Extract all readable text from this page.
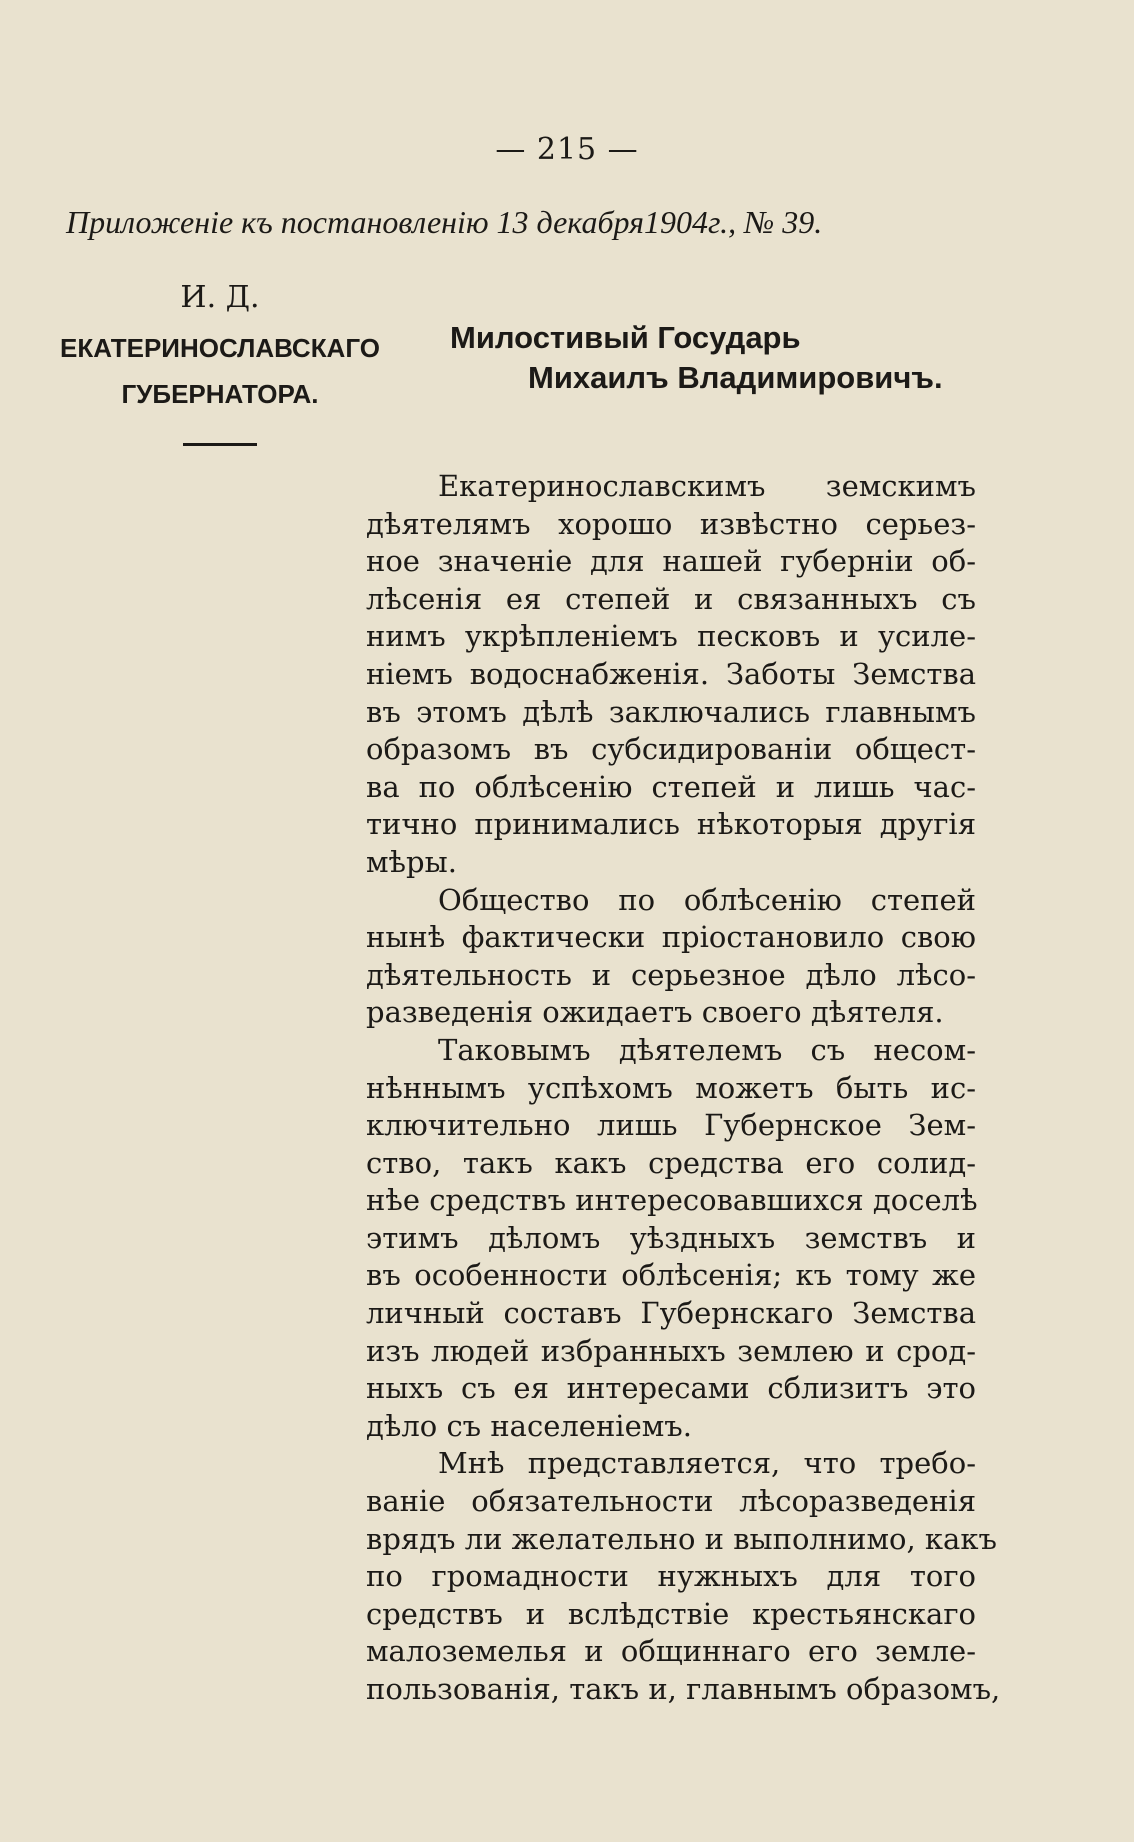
— 215 —
Приложеніе къ постановленію 13 декабря1904г., № 39.
И. Д.
ЕКАТЕРИНОСЛАВСКАГО
ГУБЕРНАТОРА.
Милостивый Государь
Михаилъ Владимировичъ.
Екатеринославскимъ земскимъ
дѣятелямъ хорошо извѣстно серьез-
ное значеніе для нашей губерніи об-
лѣсенія ея степей и связанныхъ съ
нимъ укрѣпленіемъ песковъ и усиле-
ніемъ водоснабженія. Заботы Земства
въ этомъ дѣлѣ заключались главнымъ
образомъ въ субсидированіи общест-
ва по облѣсенію степей и лишь час-
тично принимались нѣкоторыя другія
мѣры.
Общество по облѣсенію степей
нынѣ фактически пріостановило свою
дѣятельность и серьезное дѣло лѣсо-
разведенія ожидаетъ своего дѣятеля.
Таковымъ дѣятелемъ съ несом-
нѣннымъ успѣхомъ можетъ быть ис-
ключительно лишь Губернское Зем-
ство, такъ какъ средства его солид-
нѣе средствъ интересовавшихся доселѣ
этимъ дѣломъ уѣздныхъ земствъ и
въ особенности облѣсенія; къ тому же
личный составъ Губернскаго Земства
изъ людей избранныхъ землею и срод-
ныхъ съ ея интересами сблизитъ это
дѣло съ населеніемъ.
Мнѣ представляется, что требо-
ваніе обязательности лѣсоразведенія
врядъ ли желательно и выполнимо, какъ
по громадности нужныхъ для того
средствъ и вслѣдствіе крестьянскаго
малоземелья и общиннаго его земле-
пользованія, такъ и, главнымъ образомъ,
